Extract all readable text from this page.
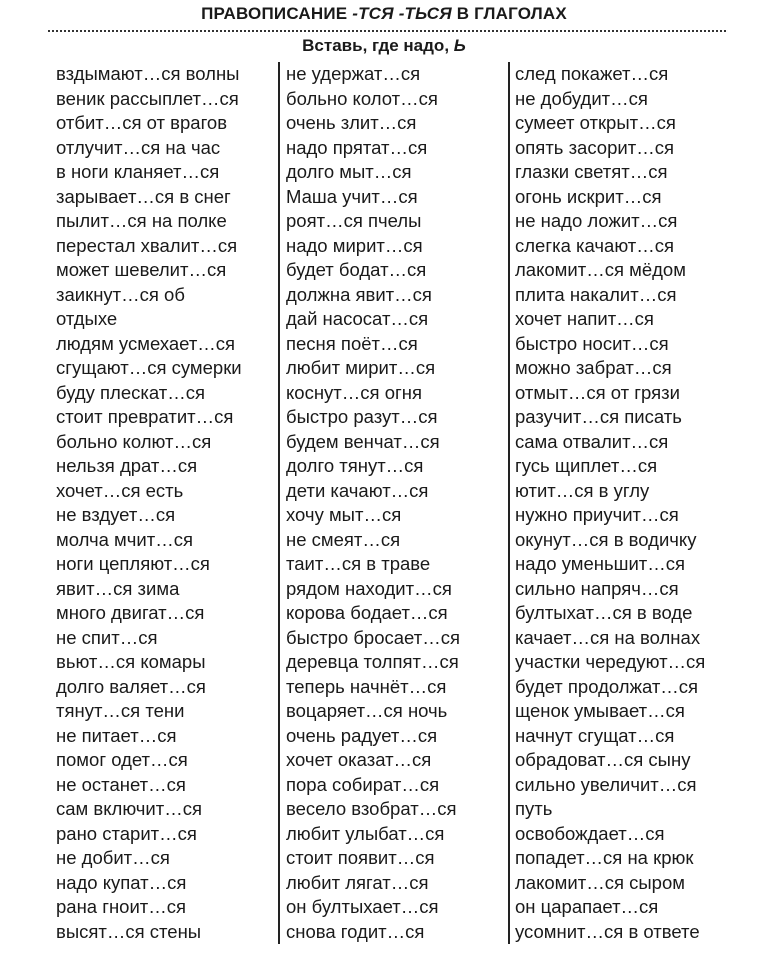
ПРАВОПИСАНИЕ -ТСЯ -ТЬСЯ В ГЛАГОЛАХ
Вставь, где надо, Ь
вздымают…ся волны
веник рассыплет…ся
отбит…ся от врагов
отлучит…ся на час
в ноги кланяет…ся
зарывает…ся в снег
пылит…ся на полке
перестал хвалит…ся
может шевелит…ся
заикнут…ся об
отдыхе
людям усмехает…ся
сгущают…ся сумерки
буду плескат…ся
стоит превратит…ся
больно колют…ся
нельзя драт…ся
хочет…ся есть
не вздует…ся
молча мчит…ся
ноги цепляют…ся
явит…ся зима
много двигат…ся
не спит…ся
вьют…ся комары
долго валяет…ся
тянут…ся тени
не питает…ся
помог одет…ся
не останет…ся
сам включит…ся
рано старит…ся
не добит…ся
надо купат…ся
рана гноит…ся
высят…ся стены
не удержат…ся
больно колот…ся
очень злит…ся
надо прятат…ся
долго мыт…ся
Маша учит…ся
роят…ся пчелы
надо мирит…ся
будет бодат…ся
должна явит…ся
дай насосат…ся
песня поёт…ся
любит мирит…ся
коснут…ся огня
быстро разут…ся
будем венчат…ся
долго тянут…ся
дети качают…ся
хочу мыт…ся
не смеят…ся
таит…ся в траве
рядом находит…ся
корова бодает…ся
быстро бросает…ся
деревца толпят…ся
теперь начнёт…ся
воцаряет…ся ночь
очень радует…ся
хочет оказат…ся
пора собират…ся
весело взобрат…ся
любит улыбат…ся
стоит появит…ся
любит лягат…ся
он бултыхает…ся
снова годит…ся
след покажет…ся
не добудит…ся
сумеет открыт…ся
опять засорит…ся
глазки светят…ся
огонь искрит…ся
не надо ложит…ся
слегка качают…ся
лакомит…ся мёдом
плита накалит…ся
хочет напит…ся
быстро носит…ся
можно забрат…ся
отмыт…ся от грязи
разучит…ся писать
сама отвалит…ся
гусь щиплет…ся
ютит…ся в углу
нужно приучит…ся
окунут…ся в водичку
надо уменьшит…ся
сильно напряч…ся
бултыхат…ся в воде
качает…ся на волнах
участки чередуют…ся
будет продолжат…ся
щенок умывает…ся
начнут сгущат…ся
обрадоват…ся сыну
сильно увеличит…ся
путь
освобождает…ся
попадет…ся на крюк
лакомит…ся сыром
он царапает…ся
усомнит…ся в ответе
